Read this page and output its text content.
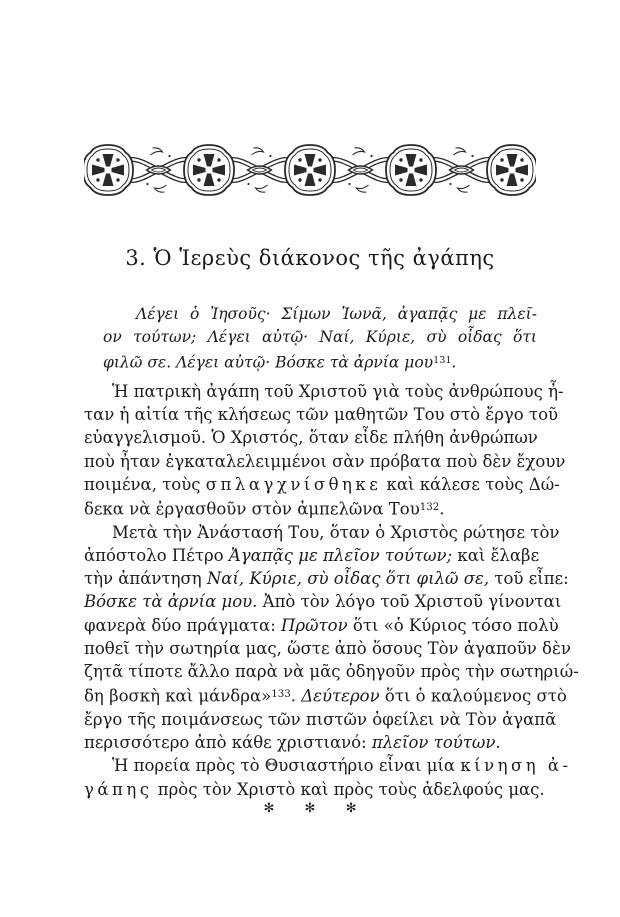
3. Ὁ Ἱερεὺς διάκονος τῆς ἀγάπης
Λέγει ὁ Ἰησοῦς· Σίμων Ἰωνᾶ, ἀγαπᾷς με πλεῖ-
ον τούτων; Λέγει αὐτῷ· Ναί, Κύριε, σὺ οἶδας ὅτι
φιλῶ σε. Λέγει αὐτῷ· Βόσκε τὰ ἀρνία μου$^{131}$.
Ἡ πατρικὴ ἀγάπη τοῦ Χριστοῦ γιὰ τοὺς ἀνθρώπους ἦ-
ταν ἡ αἰτία τῆς κλήσεως τῶν μαθητῶν Του στὸ ἔργο τοῦ
εὐαγγελισμοῦ. Ὁ Χριστός, ὅταν εἶδε πλήθη ἀνθρώπων
ποὺ ἦταν ἐγκαταλελειμμένοι σὰν πρόβατα ποὺ δὲν ἔχουν
ποιμένα, τοὺς σπλαγχνίσθηκε καὶ κάλεσε τοὺς Δώ-
δεκα νὰ ἐργασθοῦν στὸν ἀμπελῶνα Του$^{132}$.
Μετὰ τὴν Ἀνάστασή Του, ὅταν ὁ Χριστὸς ρώτησε τὸν
ἀπόστολο Πέτρο Ἀγαπᾷς με πλεῖον τούτων; καὶ ἔλαβε
τὴν ἀπάντηση Ναί, Κύριε, σὺ οἶδας ὅτι φιλῶ σε, τοῦ εἶπε:
Βόσκε τὰ ἀρνία μου. Ἀπὸ τὸν λόγο τοῦ Χριστοῦ γίνονται
φανερὰ δύο πράγματα: Πρῶτον ὅτι «ὁ Κύριος τόσο πολὺ
ποθεῖ τὴν σωτηρία μας, ὥστε ἀπὸ ὅσους Τὸν ἀγαποῦν δὲν
ζητᾶ τίποτε ἄλλο παρὰ νὰ μᾶς ὁδηγοῦν πρὸς τὴν σωτηριώ-
δη βοσκὴ καὶ μάνδρα»$^{133}$. Δεύτερον ὅτι ὁ καλούμενος στὸ
ἔργο τῆς ποιμάνσεως τῶν πιστῶν ὀφείλει νὰ Τὸν ἀγαπᾶ
περισσότερο ἀπὸ κάθε χριστιανό: πλεῖον τούτων.
Ἡ πορεία πρὸς τὸ Θυσιαστήριο εἶναι μία κίνηση ἀ-
γάπης πρὸς τὸν Χριστὸ καὶ πρὸς τοὺς ἀδελφούς μας.
✻ ✻ ✻
